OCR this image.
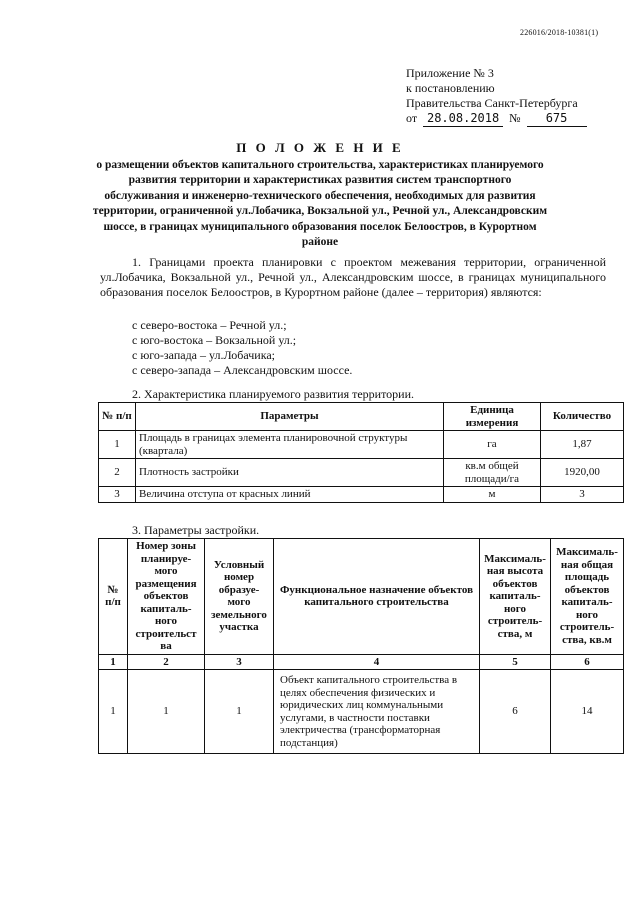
226016/2018-10381(1)
Приложение № 3
к постановлению
Правительства Санкт-Петербурга
от 28.08.2018 №	675
П О Л О Ж Е Н И Е
о размещении объектов капитального строительства, характеристиках планируемого развития территории и характеристиках развития систем транспортного обслуживания и инженерно-технического обеспечения, необходимых для развития территории, ограниченной ул.Лобачика, Вокзальной ул., Речной ул., Александровским шоссе, в границах муниципального образования поселок Белоостров, в Курортном районе
1. Границами проекта планировки с проектом межевания территории, ограниченной ул.Лобачика, Вокзальной ул., Речной ул., Александровским шоссе, в границах муниципального образования поселок Белоостров, в Курортном районе (далее – территория) являются:
с северо-востока – Речной ул.;
с юго-востока – Вокзальной ул.;
с юго-запада – ул.Лобачика;
с северо-запада – Александровским шоссе.
2. Характеристика планируемого развития территории.
№ п/п	Параметры	Единица измерения	Количество
1	Площадь в границах элемента планировочной структуры (квартала)	га	1,87
2	Плотность застройки	кв.м общей площади/га	1920,00
3	Величина отступа от красных линий	м	3
3. Параметры застройки.
№ п/п	Номер зоны планируе-мого размещения объектов капиталь-ного строительст ва	Условный номер образуе-мого земельного участка	Функциональное назначение объектов капитального строительства	Максималь-ная высота объектов капиталь-ного строитель-ства, м	Максималь-ная общая площадь объектов капиталь-ного строитель-ства, кв.м
1	2	3	4	5	6
1	1	1	Объект капитального строительства в целях обеспечения физических и юридических лиц коммунальными услугами, в частности поставки электричества (трансформаторная подстанция)	6	14
